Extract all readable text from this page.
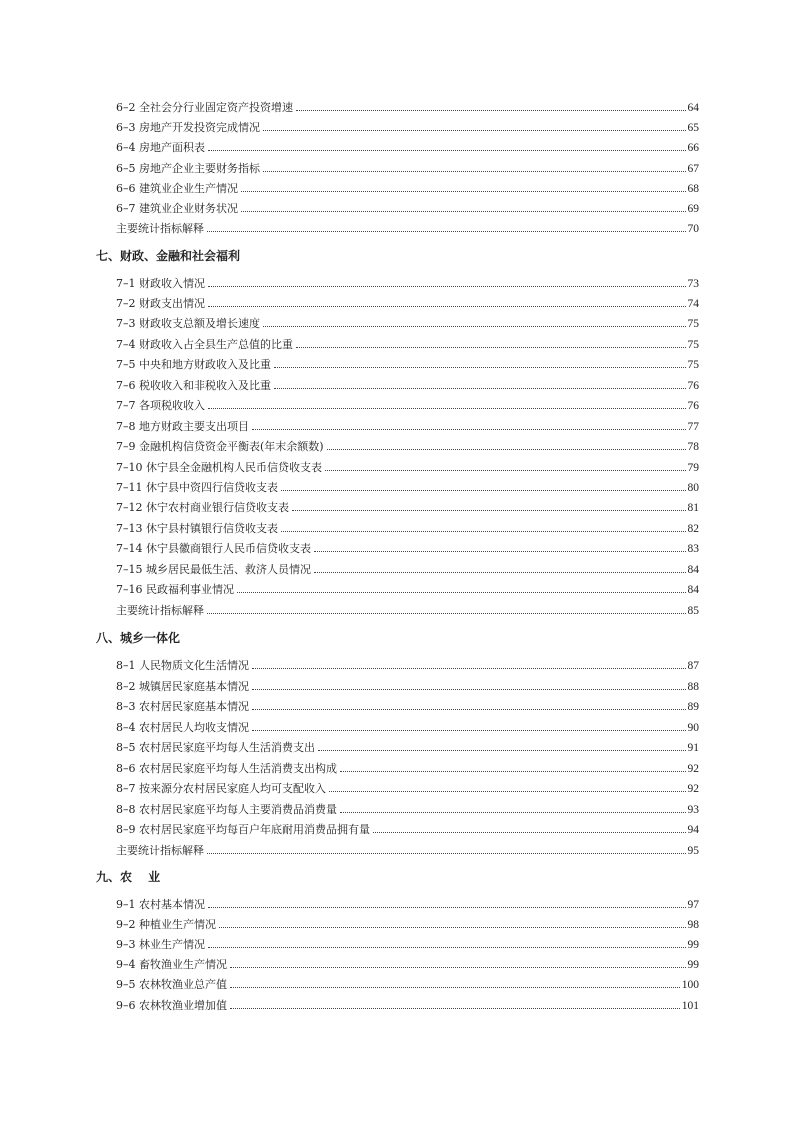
6–2 全社会分行业固定资产投资增速	64
6–3 房地产开发投资完成情况	65
6–4 房地产面积表	66
6–5 房地产企业主要财务指标	67
6–6 建筑业企业生产情况	68
6–7 建筑业企业财务状况	69
主要统计指标解释	70
七、财政、金融和社会福利
7–1 财政收入情况	73
7–2 财政支出情况	74
7–3 财政收支总额及增长速度	75
7–4 财政收入占全县生产总值的比重	75
7–5 中央和地方财政收入及比重	75
7–6 税收收入和非税收入及比重	76
7–7 各项税收收入	76
7–8 地方财政主要支出项目	77
7–9 金融机构信贷资金平衡表(年末余额数)	78
7–10 休宁县全金融机构人民币信贷收支表	79
7–11 休宁县中资四行信贷收支表	80
7–12 休宁农村商业银行信贷收支表	81
7–13 休宁县村镇银行信贷收支表	82
7–14 休宁县徽商银行人民币信贷收支表	83
7–15 城乡居民最低生活、救济人员情况	84
7–16 民政福利事业情况	84
主要统计指标解释	85
八、城乡一体化
8–1 人民物质文化生活情况	87
8–2 城镇居民家庭基本情况	88
8–3 农村居民家庭基本情况	89
8–4 农村居民人均收支情况	90
8–5 农村居民家庭平均每人生活消费支出	91
8–6 农村居民家庭平均每人生活消费支出构成	92
8–7 按来源分农村居民家庭人均可支配收入	92
8–8 农村居民家庭平均每人主要消费品消费量	93
8–9 农村居民家庭平均每百户年底耐用消费品拥有量	94
主要统计指标解释	95
九、农　 业
9–1 农村基本情况	97
9–2 种植业生产情况	98
9–3 林业生产情况	99
9–4 畜牧渔业生产情况	99
9–5 农林牧渔业总产值	100
9–6 农林牧渔业增加值	101
